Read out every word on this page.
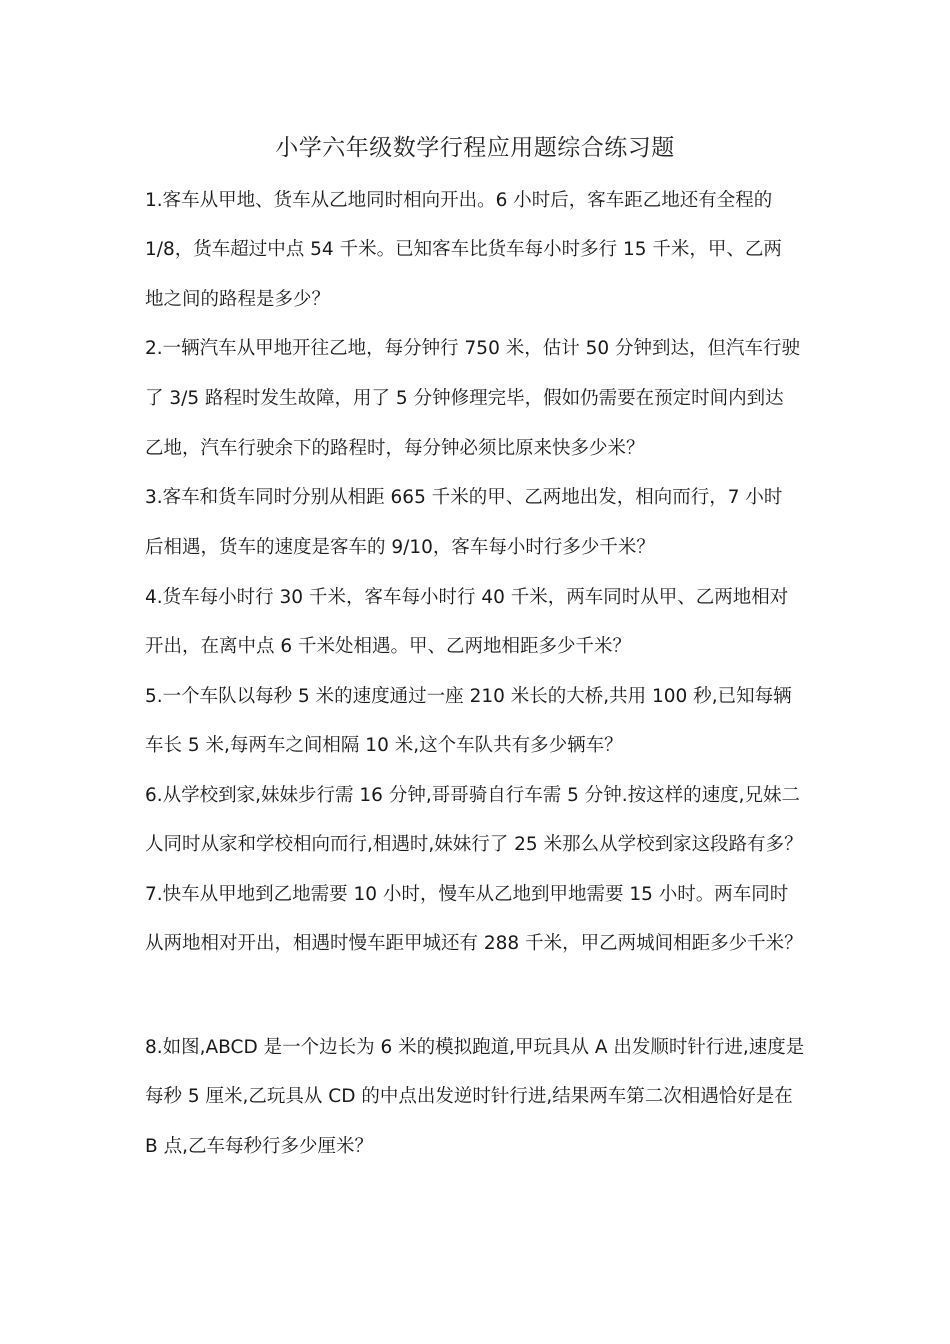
小学六年级数学行程应用题综合练习题
1.客车从甲地、货车从乙地同时相向开出。6 小时后，客车距乙地还有全程的
1/8，货车超过中点 54 千米。已知客车比货车每小时多行 15 千米，甲、乙两
地之间的路程是多少？
2.一辆汽车从甲地开往乙地，每分钟行 750 米，估计 50 分钟到达，但汽车行驶
了 3/5 路程时发生故障，用了 5 分钟修理完毕，假如仍需要在预定时间内到达
乙地，汽车行驶余下的路程时，每分钟必须比原来快多少米？
3.客车和货车同时分别从相距 665 千米的甲、乙两地出发，相向而行，7 小时
后相遇，货车的速度是客车的 9/10，客车每小时行多少千米？
4.货车每小时行 30 千米，客车每小时行 40 千米，两车同时从甲、乙两地相对
开出，在离中点 6 千米处相遇。甲、乙两地相距多少千米？
5.一个车队以每秒 5 米的速度通过一座 210 米长的大桥,共用 100 秒,已知每辆
车长 5 米,每两车之间相隔 10 米,这个车队共有多少辆车？
6.从学校到家,妹妹步行需 16 分钟,哥哥骑自行车需 5 分钟.按这样的速度,兄妹二
人同时从家和学校相向而行,相遇时,妹妹行了 25 米那么从学校到家这段路有多？
7.快车从甲地到乙地需要 10 小时，慢车从乙地到甲地需要 15 小时。两车同时
从两地相对开出，相遇时慢车距甲城还有 288 千米，甲乙两城间相距多少千米？
8.如图,ABCD 是一个边长为 6 米的模拟跑道,甲玩具从 A 出发顺时针行进,速度是
每秒 5 厘米,乙玩具从 CD 的中点出发逆时针行进,结果两车第二次相遇恰好是在
B 点,乙车每秒行多少厘米？
